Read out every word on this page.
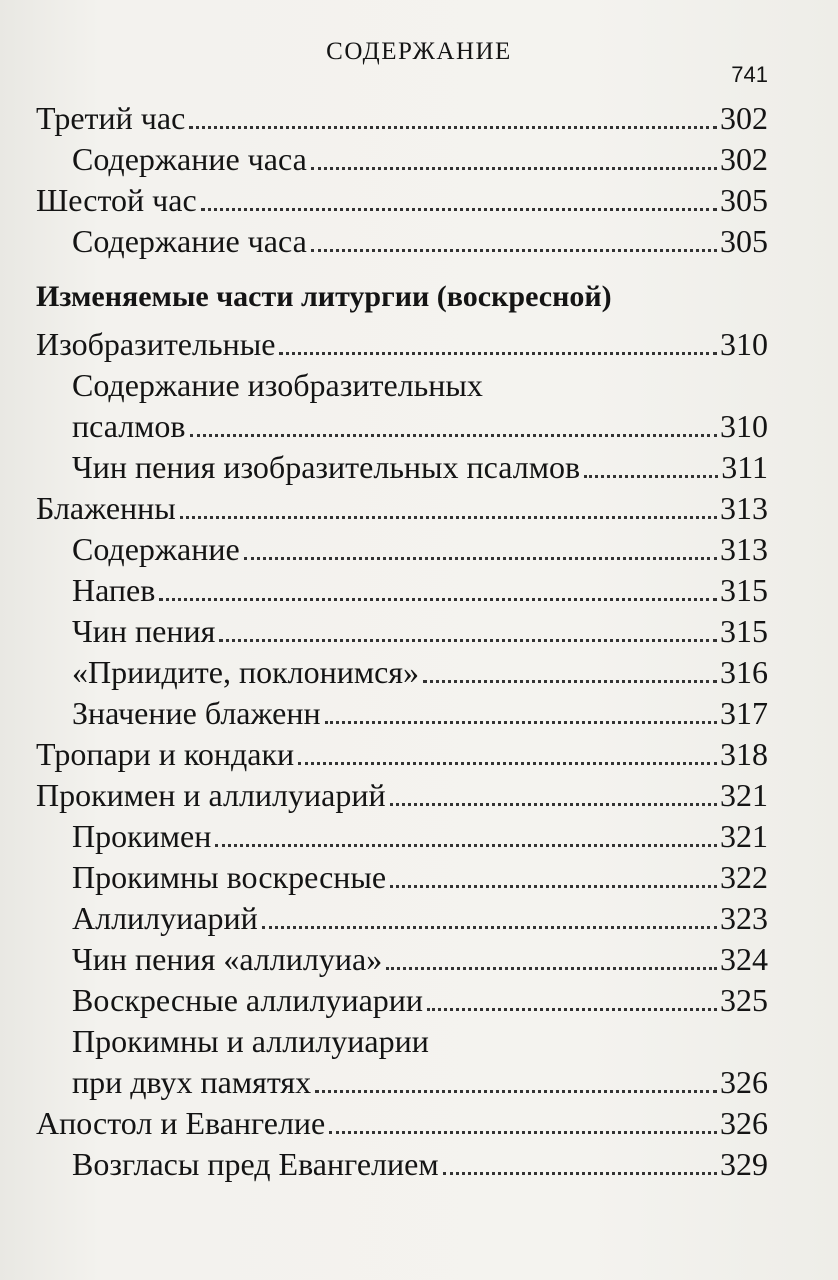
СОДЕРЖАНИЕ
741
Третий час	302
Содержание часа	302
Шестой час	305
Содержание часа	305
Изменяемые части литургии (воскресной)
Изобразительные	310
Содержание изобразительных
псалмов	310
Чин пения изобразительных псалмов	311
Блаженны	313
Содержание	313
Напев	315
Чин пения	315
«Приидите, поклонимся»	316
Значение блаженн	317
Тропари и кондаки	318
Прокимен и аллилуиарий	321
Прокимен	321
Прокимны воскресные	322
Аллилуиарий	323
Чин пения «аллилуиа»	324
Воскресные аллилуиарии	325
Прокимны и аллилуиарии
при двух памятях	326
Апостол и Евангелие	326
Возгласы пред Евангелием	329
